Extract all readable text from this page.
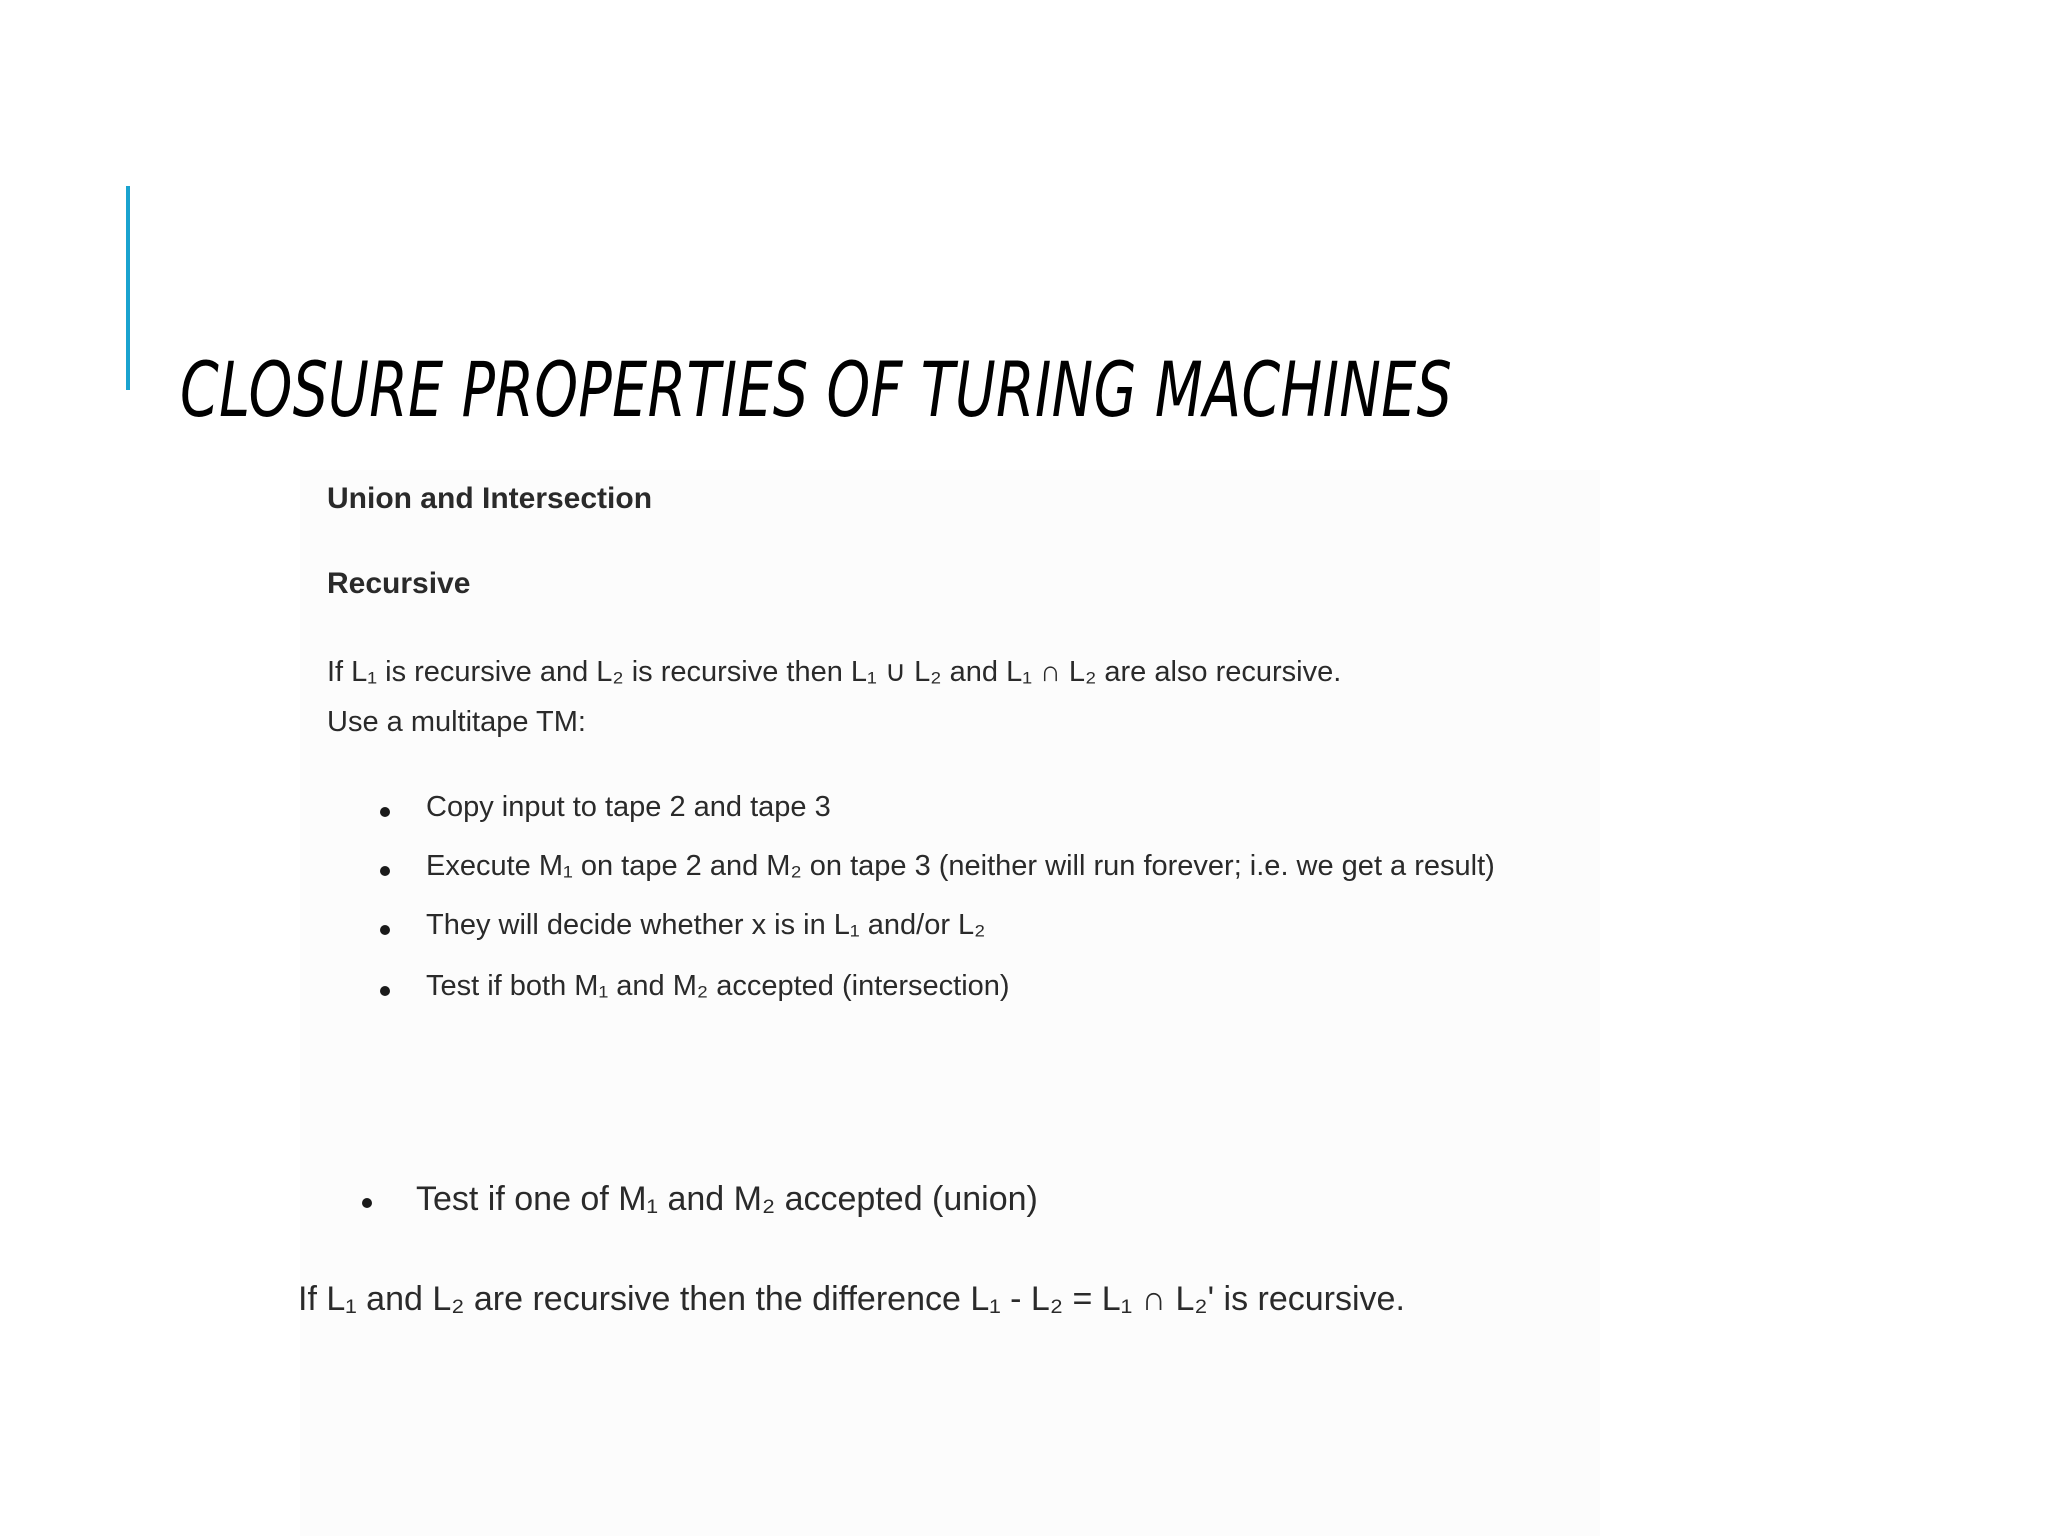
CLOSURE PROPERTIES OF TURING MACHINES
Union and Intersection
Recursive
If L₁ is recursive and L₂ is recursive then L₁ ∪ L₂ and L₁ ∩ L₂ are also recursive.
Use a multitape TM:
Copy input to tape 2 and tape 3
Execute M₁ on tape 2 and M₂ on tape 3 (neither will run forever; i.e. we get a result)
They will decide whether x is in L₁ and/or L₂
Test if both M₁ and M₂ accepted (intersection)
Test if one of M₁ and M₂ accepted (union)
If L₁ and L₂ are recursive then the difference L₁ - L₂ = L₁ ∩ L₂' is recursive.
